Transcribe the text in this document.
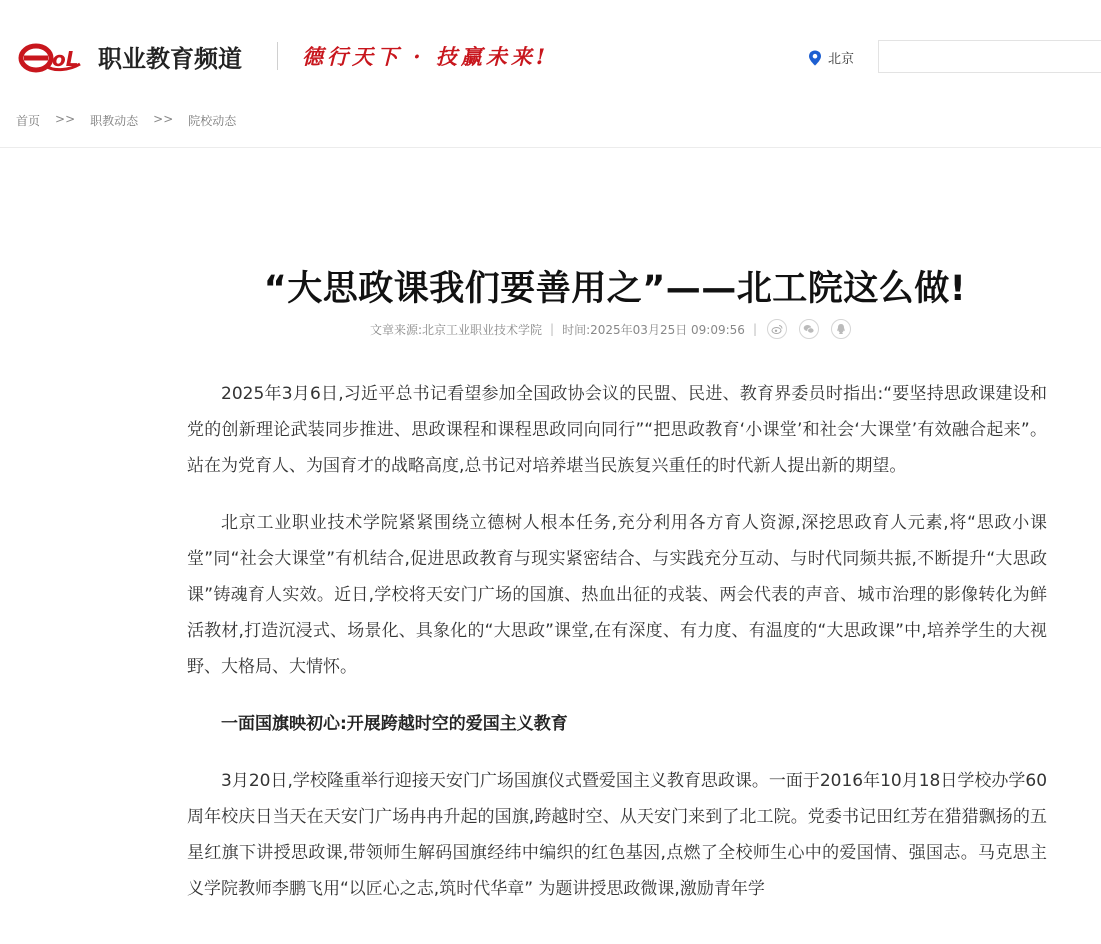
oL 职业教育频道	德行天下 · 技赢未来!	北京
首页 >> 职教动态 >> 院校动态
“大思政课我们要善用之”——北工院这么做!
文章来源:北京工业职业技术学院 | 时间:2025年03月25日 09:09:56 |

2025年3月6日,习近平总书记看望参加全国政协会议的民盟、民进、教育界委员时指出:“要坚持思政课建设和党的创新理论武装同步推进、思政课程和课程思政同向同行”“把思政教育‘小课堂’和社会‘大课堂’有效融合起来”。站在为党育人、为国育才的战略高度,总书记对培养堪当民族复兴重任的时代新人提出新的期望。

北京工业职业技术学院紧紧围绕立德树人根本任务,充分利用各方育人资源,深挖思政育人元素,将“思政小课堂”同“社会大课堂”有机结合,促进思政教育与现实紧密结合、与实践充分互动、与时代同频共振,不断提升“大思政课”铸魂育人实效。近日,学校将天安门广场的国旗、热血出征的戎装、两会代表的声音、城市治理的影像转化为鲜活教材,打造沉浸式、场景化、具象化的“大思政”课堂,在有深度、有力度、有温度的“大思政课”中,培养学生的大视野、大格局、大情怀。

一面国旗映初心:开展跨越时空的爱国主义教育

3月20日,学校隆重举行迎接天安门广场国旗仪式暨爱国主义教育思政课。一面于2016年10月18日学校办学60周年校庆日当天在天安门广场冉冉升起的国旗,跨越时空、从天安门来到了北工院。党委书记田红芳在猎猎飘扬的五星红旗下讲授思政课,带领师生解码国旗经纬中编织的红色基因,点燃了全校师生心中的爱国情、强国志。马克思主义学院教师李鹏飞用“以匠心之志,筑时代华章” 为题讲授思政微课,激励青年学
